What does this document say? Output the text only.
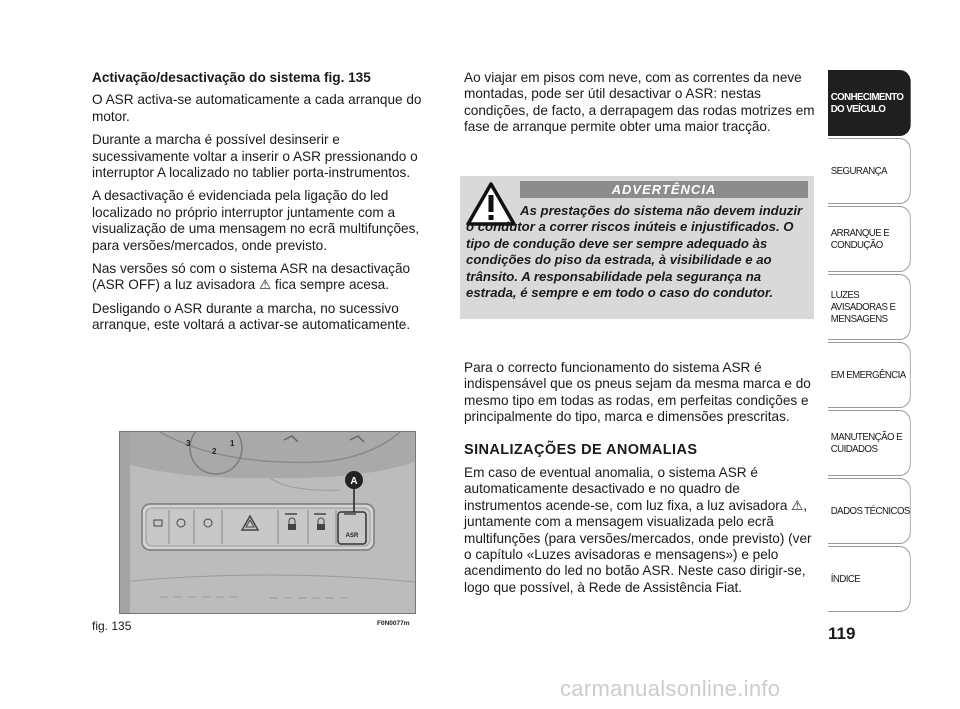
Activação/desactivação do sistema fig. 135

O ASR activa-se automaticamente a cada arranque do motor.

Durante a marcha é possível desinserir e sucessivamente voltar a inserir o ASR pressionando o interruptor A localizado no tablier porta-instrumentos.

A desactivação é evidenciada pela ligação do led localizado no próprio interruptor juntamente com a visualização de uma mensagem no ecrã multifunções, para versões/mercados, onde previsto.

Nas versões só com o sistema ASR na desactivação (ASR OFF) a luz avisadora ⚠ fica sempre acesa.

Desligando o ASR durante a marcha, no sucessivo arranque, este voltará a activar-se automaticamente.

Ao viajar em pisos com neve, com as correntes da neve montadas, pode ser útil desactivar o ASR: nestas condições, de facto, a derrapagem das rodas motrizes em fase de arranque permite obter uma maior tracção.

ADVERTÊNCIA
As prestações do sistema não devem induzir o condutor a correr riscos inúteis e injustificados. O tipo de condução deve ser sempre adequado às condições do piso da estrada, à visibilidade e ao trânsito. A responsabilidade pela segurança na estrada, é sempre e em todo o caso do condutor.
Para o correcto funcionamento do sistema ASR é indispensável que os pneus sejam da mesma marca e do mesmo tipo em todas as rodas, em perfeitas condições e principalmente do tipo, marca e dimensões prescritas.
SINALIZAÇÕES DE ANOMALIAS
Em caso de eventual anomalia, o sistema ASR é automaticamente desactivado e no quadro de instrumentos acende-se, com luz fixa, a luz avisadora ⚠, juntamente com a mensagem visualizada pelo ecrã multifunções (para versões/mercados, onde previsto) (ver o capítulo «Luzes avisadoras e mensagens») e pelo acendimento do led no botão ASR. Neste caso dirigir-se, logo que possível, à Rede de Assistência Fiat.
3
2
1
A
ASR
fig. 135	F0N0077m
CONHECIMENTO DO VEÍCULO
SEGURANÇA
ARRANQUE E CONDUÇÃO
LUZES AVISADORAS E MENSAGENS
EM EMERGÊNCIA
MANUTENÇÃO E CUIDADOS
DADOS TÉCNICOS
ÍNDICE
119
carmanualsonline.info
